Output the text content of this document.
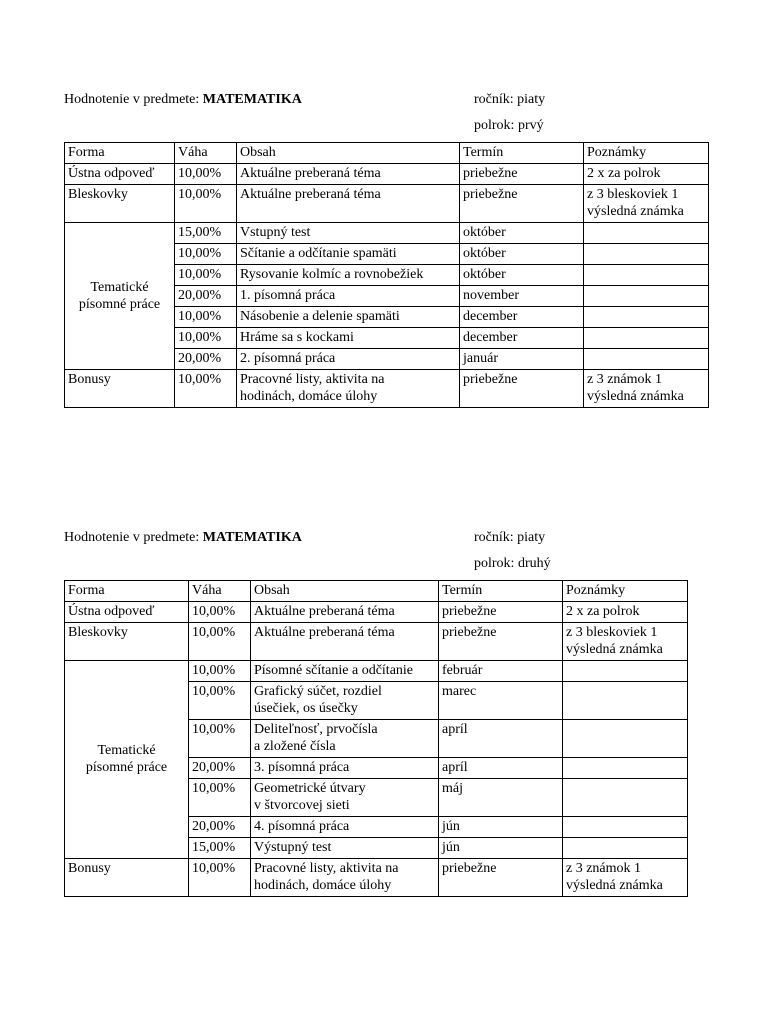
Hodnotenie v predmete: MATEMATIKA	ročník: piaty
polrok: prvý
Forma	Váha	Obsah	Termín	Poznámky
Ústna odpoveď	10,00%	Aktuálne preberaná téma	priebežne	2 x za polrok
Bleskovky	10,00%	Aktuálne preberaná téma	priebežne	z 3 bleskoviek 1
výsledná známka
Tematické
písomné práce	15,00%	Vstupný test	október	
	10,00%	Sčítanie a odčítanie spamäti	október	
	10,00%	Rysovanie kolmíc a rovnobežiek	október	
	20,00%	1. písomná práca	november	
	10,00%	Násobenie a delenie spamäti	december	
	10,00%	Hráme sa s kockami	december	
	20,00%	2. písomná práca	január	
Bonusy	10,00%	Pracovné listy, aktivita na
hodinách, domáce úlohy	priebežne	z 3 známok 1
výsledná známka
Hodnotenie v predmete: MATEMATIKA	ročník: piaty
polrok: druhý
Forma	Váha	Obsah	Termín	Poznámky
Ústna odpoveď	10,00%	Aktuálne preberaná téma	priebežne	2 x za polrok
Bleskovky	10,00%	Aktuálne preberaná téma	priebežne	z 3 bleskoviek 1
výsledná známka
Tematické
písomné práce	10,00%	Písomné sčítanie a odčítanie	február	
	10,00%	Grafický súčet, rozdiel
úsečiek, os úsečky	marec	
	10,00%	Deliteľnosť, prvočísla
a zložené čísla	apríl	
	20,00%	3. písomná práca	apríl	
	10,00%	Geometrické útvary
v štvorcovej sieti	máj	
	20,00%	4. písomná práca	jún	
	15,00%	Výstupný test	jún	
Bonusy	10,00%	Pracovné listy, aktivita na
hodinách, domáce úlohy	priebežne	z 3 známok 1
výsledná známka
